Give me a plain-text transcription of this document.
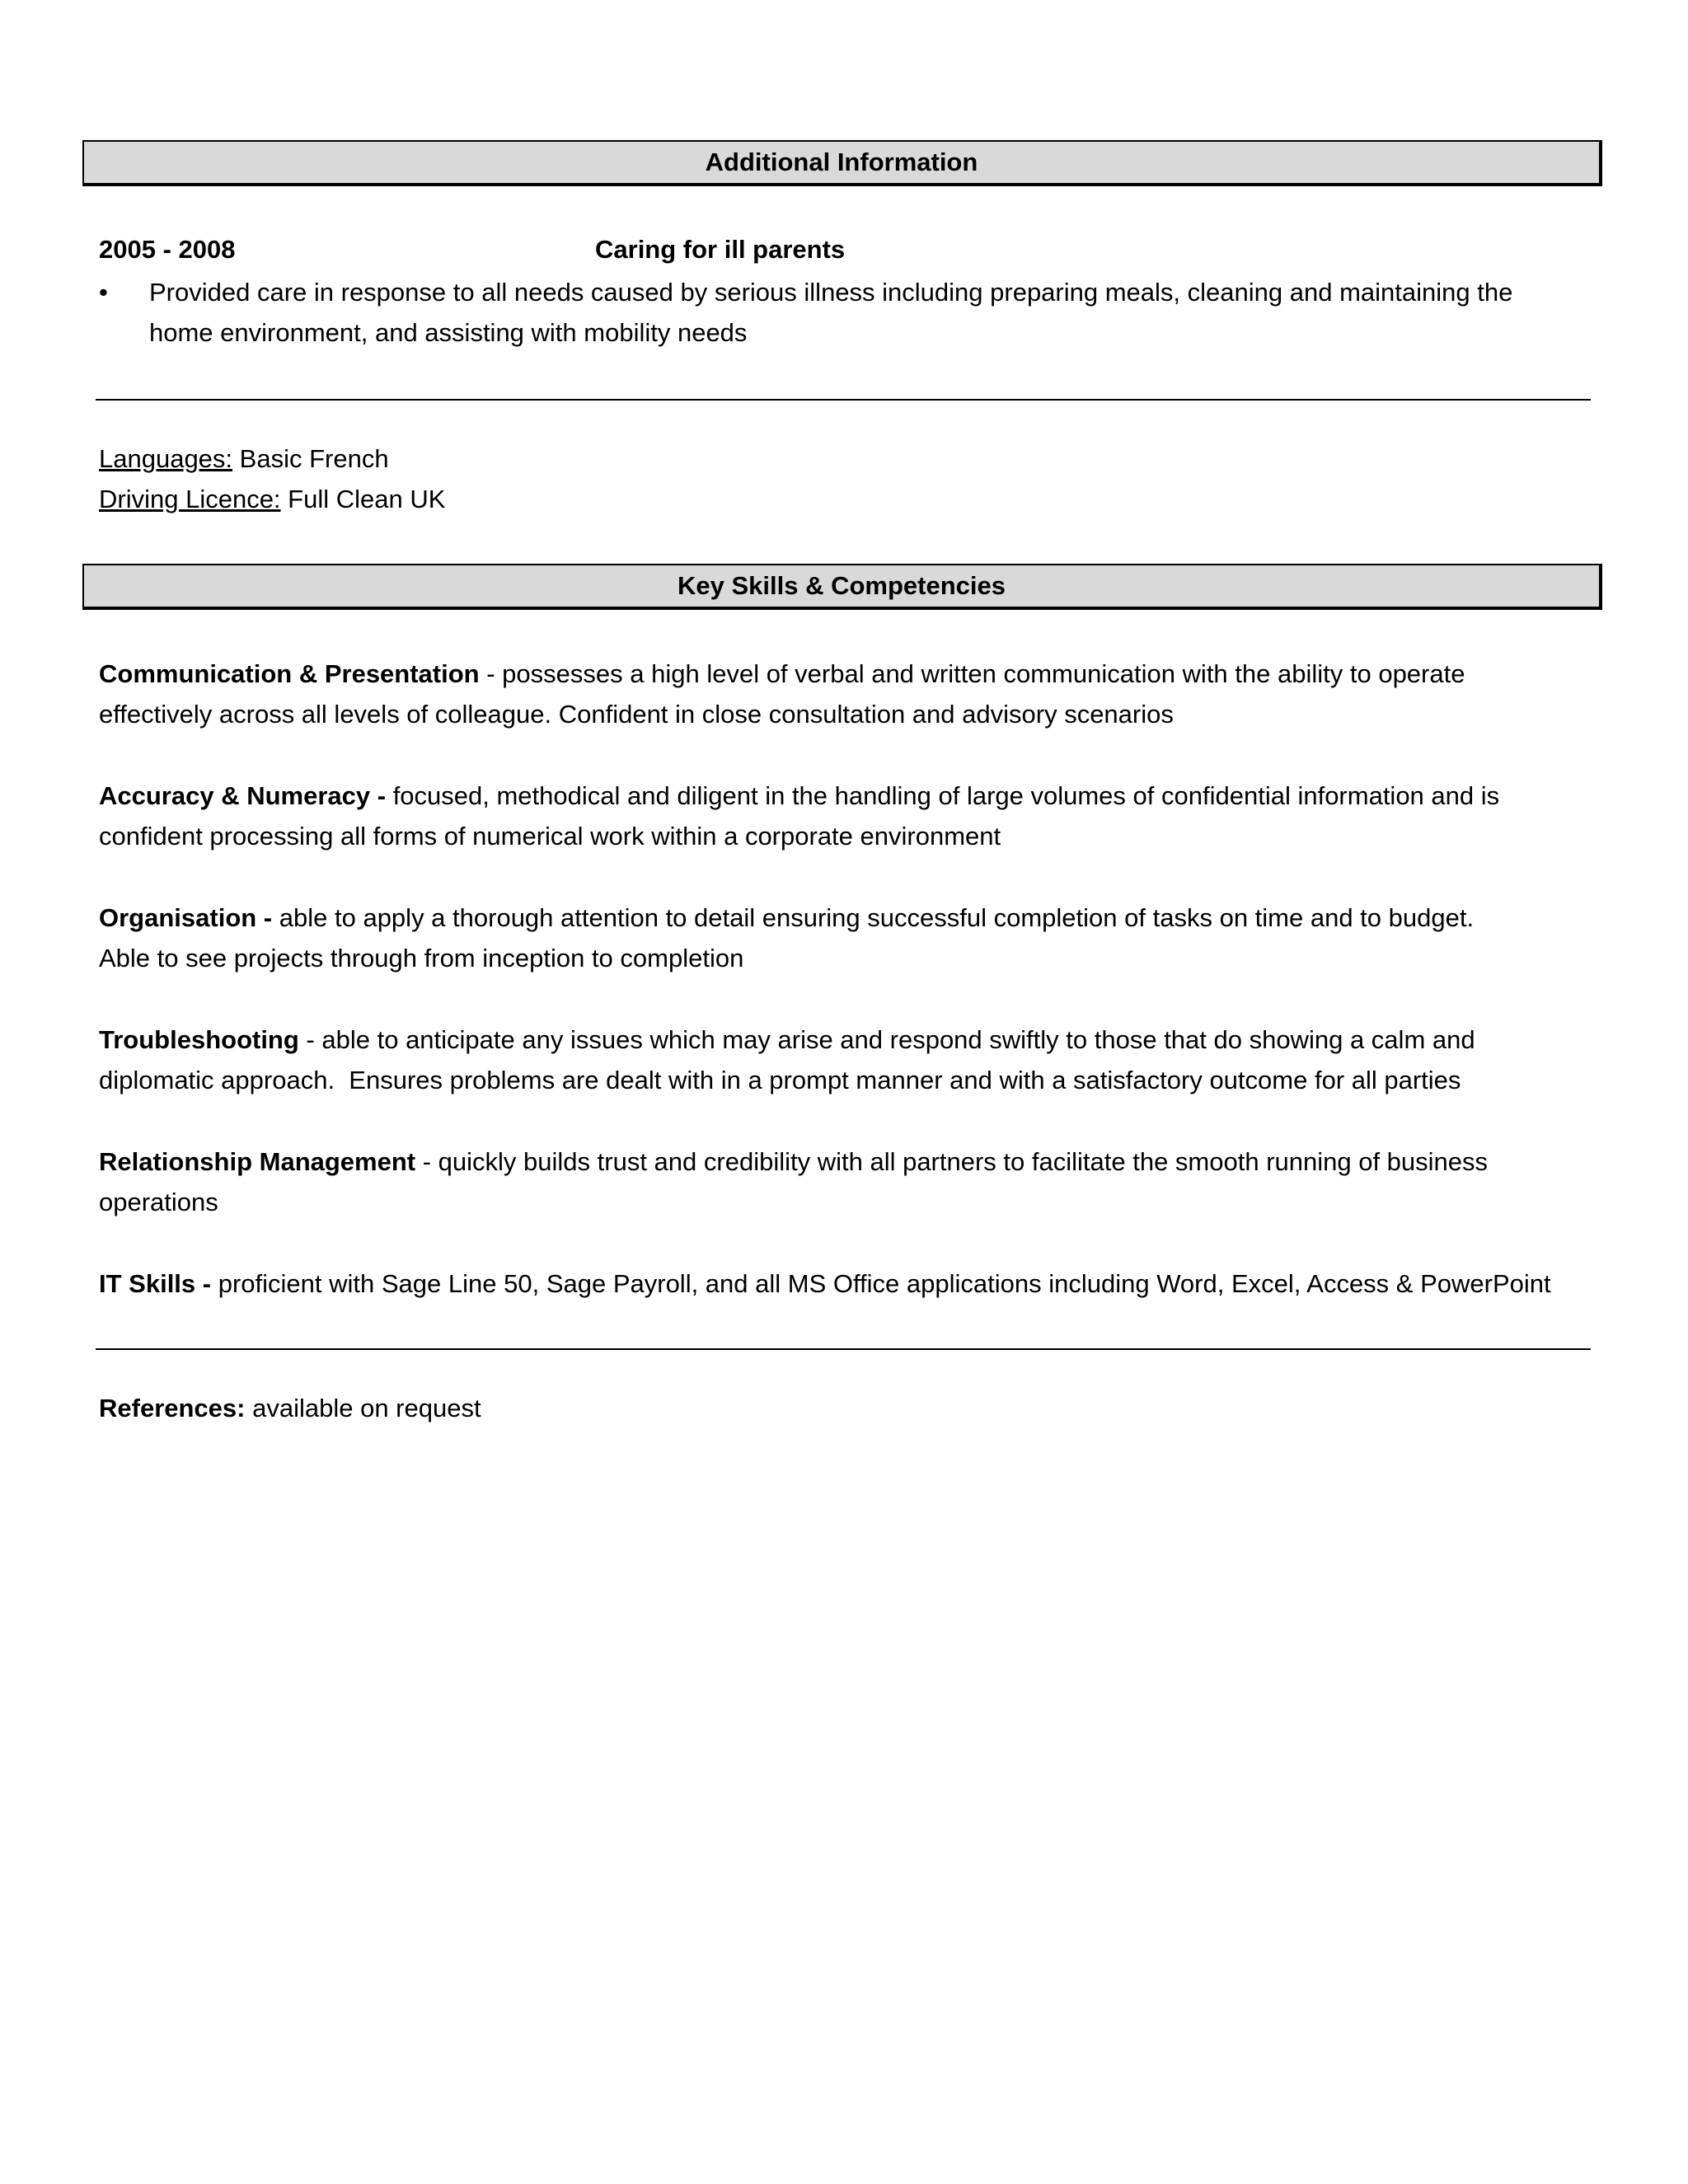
Additional Information
2005 - 2008	Caring for ill parents
• Provided care in response to all needs caused by serious illness including preparing meals, cleaning and maintaining the
home environment, and assisting with mobility needs
Languages: Basic French
Driving Licence: Full Clean UK
Key Skills & Competencies
Communication & Presentation - possesses a high level of verbal and written communication with the ability to operate
effectively across all levels of colleague. Confident in close consultation and advisory scenarios
Accuracy & Numeracy - focused, methodical and diligent in the handling of large volumes of confidential information and is
confident processing all forms of numerical work within a corporate environment
Organisation - able to apply a thorough attention to detail ensuring successful completion of tasks on time and to budget.
Able to see projects through from inception to completion
Troubleshooting - able to anticipate any issues which may arise and respond swiftly to those that do showing a calm and
diplomatic approach.  Ensures problems are dealt with in a prompt manner and with a satisfactory outcome for all parties
Relationship Management - quickly builds trust and credibility with all partners to facilitate the smooth running of business
operations
IT Skills - proficient with Sage Line 50, Sage Payroll, and all MS Office applications including Word, Excel, Access & PowerPoint
References: available on request
